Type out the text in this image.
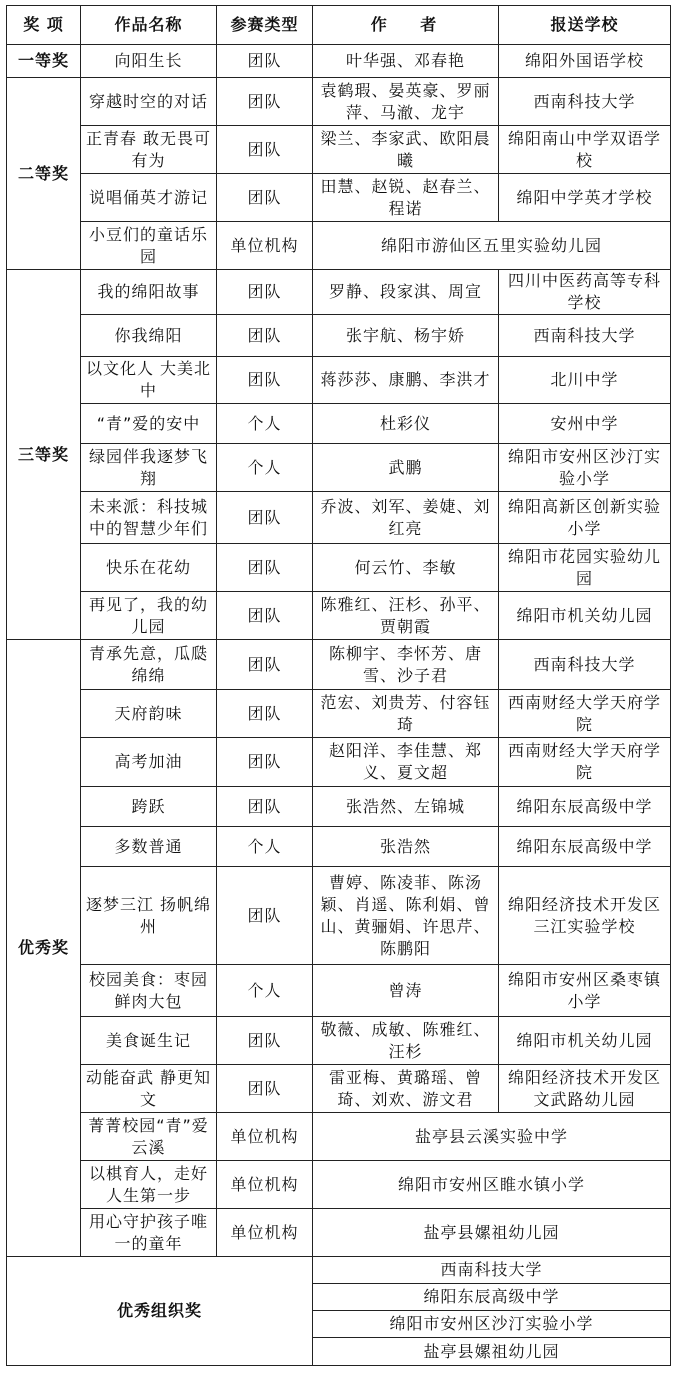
奖 项	作品名称	参赛类型	作 者	报送学校
一等奖	向阳生长	团队	叶华强、邓春艳	绵阳外国语学校
二等奖	穿越时空的对话	团队	袁鹤瑕、晏英豪、罗丽萍、马澈、龙宇	西南科技大学
	正青春 敢无畏可有为	团队	梁兰、李家武、欧阳晨曦	绵阳南山中学双语学校
	说唱俑英才游记	团队	田慧、赵锐、赵春兰、程诺	绵阳中学英才学校
	小豆们的童话乐园	单位机构	绵阳市游仙区五里实验幼儿园	
三等奖	我的绵阳故事	团队	罗静、段家淇、周宣	四川中医药高等专科学校
	你我绵阳	团队	张宇航、杨宇娇	西南科技大学
	以文化人 大美北中	团队	蒋莎莎、康鹏、李洪才	北川中学
	“青”爱的安中	个人	杜彩仪	安州中学
	绿园伴我逐梦飞翔	个人	武鹏	绵阳市安州区沙汀实验小学
	未来派：科技城中的智慧少年们	团队	乔波、刘军、姜婕、刘红亮	绵阳高新区创新实验小学
	快乐在花幼	团队	何云竹、李敏	绵阳市花园实验幼儿园
	再见了，我的幼儿园	团队	陈雅红、汪杉、孙平、贾朝霞	绵阳市机关幼儿园
优秀奖	青承先意，瓜瓞绵绵	团队	陈柳宇、李怀芳、唐雪、沙子君	西南科技大学
	天府韵味	团队	范宏、刘贵芳、付容钰琦	西南财经大学天府学院
	高考加油	团队	赵阳洋、李佳慧、郑义、夏文超	西南财经大学天府学院
	跨跃	团队	张浩然、左锦城	绵阳东辰高级中学
	多数普通	个人	张浩然	绵阳东辰高级中学
	逐梦三江 扬帆绵州	团队	曹婷、陈凌菲、陈汤颖、肖遥、陈利娟、曾山、黄骊娟、许思芹、陈鹏阳	绵阳经济技术开发区三江实验学校
	校园美食：枣园鲜肉大包	个人	曾涛	绵阳市安州区桑枣镇小学
	美食诞生记	团队	敬薇、成敏、陈雅红、汪杉	绵阳市机关幼儿园
	动能奋武 静更知文	团队	雷亚梅、黄璐瑶、曾琦、刘欢、游文君	绵阳经济技术开发区文武路幼儿园
	菁菁校园“青”爱云溪	单位机构	盐亭县云溪实验中学	
	以棋育人，走好人生第一步	单位机构	绵阳市安州区睢水镇小学	
	用心守护孩子唯一的童年	单位机构	盐亭县嫘祖幼儿园	
优秀组织奖			西南科技大学	
			绵阳东辰高级中学	
			绵阳市安州区沙汀实验小学	
			盐亭县嫘祖幼儿园	
